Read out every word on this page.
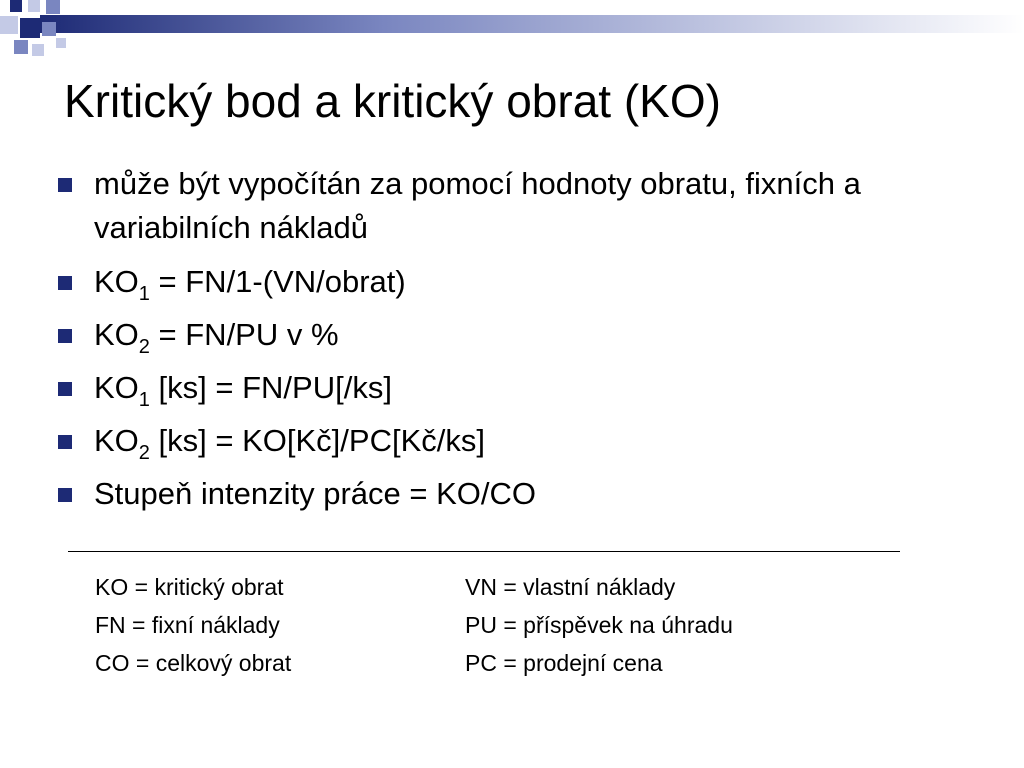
Kritický bod a kritický obrat (KO)
může být vypočítán za pomocí hodnoty obratu, fixních a variabilních nákladů
$KO_1$ = FN/1-(VN/obrat)
$KO_2 = FN/PU$ v %
$KO_1$ [ks] = FN/PU[/ks]
$KO_2$ [ks] = KO[Kč]/PC[Kč/ks]
Stupeň intenzity práce = KO/CO
KO = kritický obrat	VN = vlastní náklady
FN = fixní náklady	PU = příspěvek na úhradu
CO = celkový obrat	PC = prodejní cena
